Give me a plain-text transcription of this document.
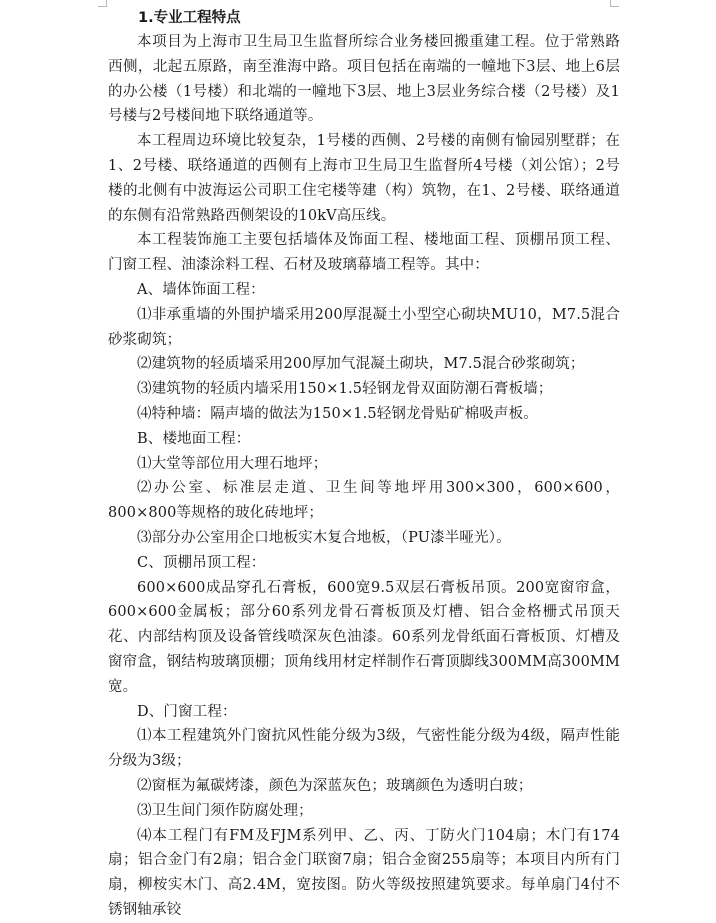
1.专业工程特点

本项目为上海市卫生局卫生监督所综合业务楼回搬重建工程。位于常熟路西侧，北起五原路，南至淮海中路。项目包括在南端的一幢地下3层、地上6层的办公楼（1号楼）和北端的一幢地下3层、地上3层业务综合楼（2号楼）及1号楼与2号楼间地下联络通道等。

本工程周边环境比较复杂，1号楼的西侧、2号楼的南侧有愉园别墅群；在1、2号楼、联络通道的西侧有上海市卫生局卫生监督所4号楼（刘公馆）；2号楼的北侧有中波海运公司职工住宅楼等建（构）筑物，在1、2号楼、联络通道的东侧有沿常熟路西侧架设的10kV高压线。

本工程装饰施工主要包括墙体及饰面工程、楼地面工程、顶棚吊顶工程、门窗工程、油漆涂料工程、石材及玻璃幕墙工程等。其中：

A、墙体饰面工程：

⑴非承重墙的外围护墙采用200厚混凝土小型空心砌块MU10，M7.5混合砂浆砌筑；

⑵建筑物的轻质墙采用200厚加气混凝土砌块，M7.5混合砂浆砌筑；

⑶建筑物的轻质内墙采用150×1.5轻钢龙骨双面防潮石膏板墙；

⑷特种墙：隔声墙的做法为150×1.5轻钢龙骨贴矿棉吸声板。

B、楼地面工程：

⑴大堂等部位用大理石地坪；

⑵办公室、标准层走道、卫生间等地坪用300×300，600×600，800×800等规格的玻化砖地坪；

⑶部分办公室用企口地板实木复合地板，（PU漆半哑光）。

C、顶棚吊顶工程：

600×600成品穿孔石膏板，600宽9.5双层石膏板吊顶。200宽窗帘盒，600×600金属板；部分60系列龙骨石膏板顶及灯槽、铝合金格栅式吊顶天花、内部结构顶及设备管线喷深灰色油漆。60系列龙骨纸面石膏板顶、灯槽及窗帘盒，钢结构玻璃顶棚；顶角线用材定样制作石膏顶脚线300MM高300MM宽。

D、门窗工程：

⑴本工程建筑外门窗抗风性能分级为3级，气密性能分级为4级，隔声性能分级为3级；

⑵窗框为氟碳烤漆，颜色为深蓝灰色；玻璃颜色为透明白玻；

⑶卫生间门须作防腐处理；

⑷本工程门有FM及FJM系列甲、乙、丙、丁防火门104扇；木门有174扇；铝合金门有2扇；铝合金门联窗7扇；铝合金窗255扇等；本项目内所有门扇，柳桉实木门、高2.4M，宽按图。防火等级按照建筑要求。每单扇门4付不锈钢轴承铰
